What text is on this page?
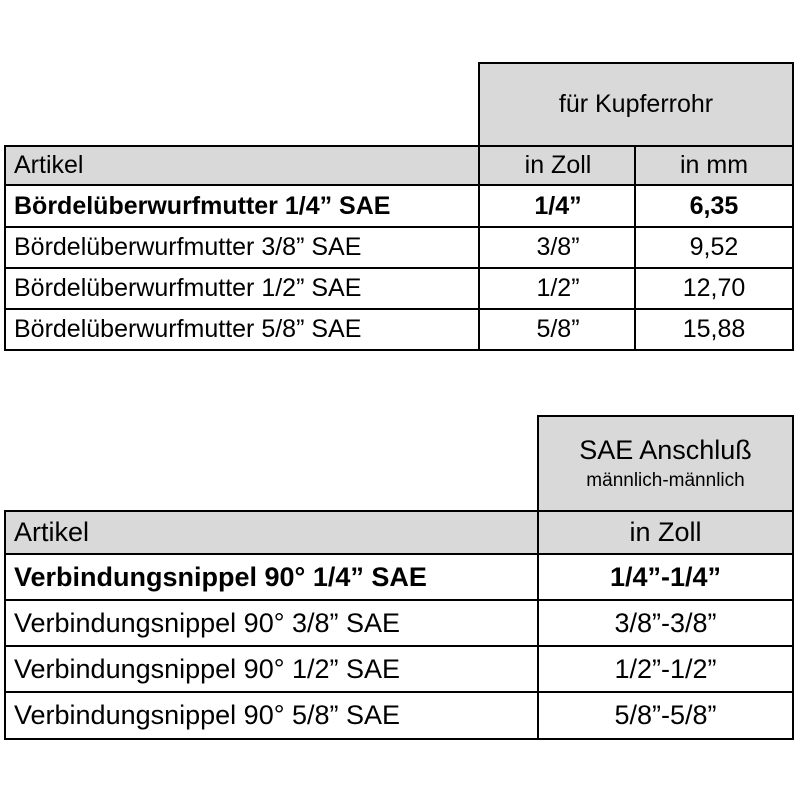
für Kupferrohr
Artikel	in Zoll	in mm
Bördelüberwurfmutter 1/4” SAE	1/4”	6,35
Bördelüberwurfmutter 3/8” SAE	3/8”	9,52
Bördelüberwurfmutter 1/2” SAE	1/2”	12,70
Bördelüberwurfmutter 5/8” SAE	5/8”	15,88
SAE Anschluß
männlich-männlich
Artikel	in Zoll
Verbindungsnippel 90° 1/4” SAE	1/4”-1/4”
Verbindungsnippel 90° 3/8” SAE	3/8”-3/8”
Verbindungsnippel 90° 1/2” SAE	1/2”-1/2”
Verbindungsnippel 90° 5/8” SAE	5/8”-5/8”
